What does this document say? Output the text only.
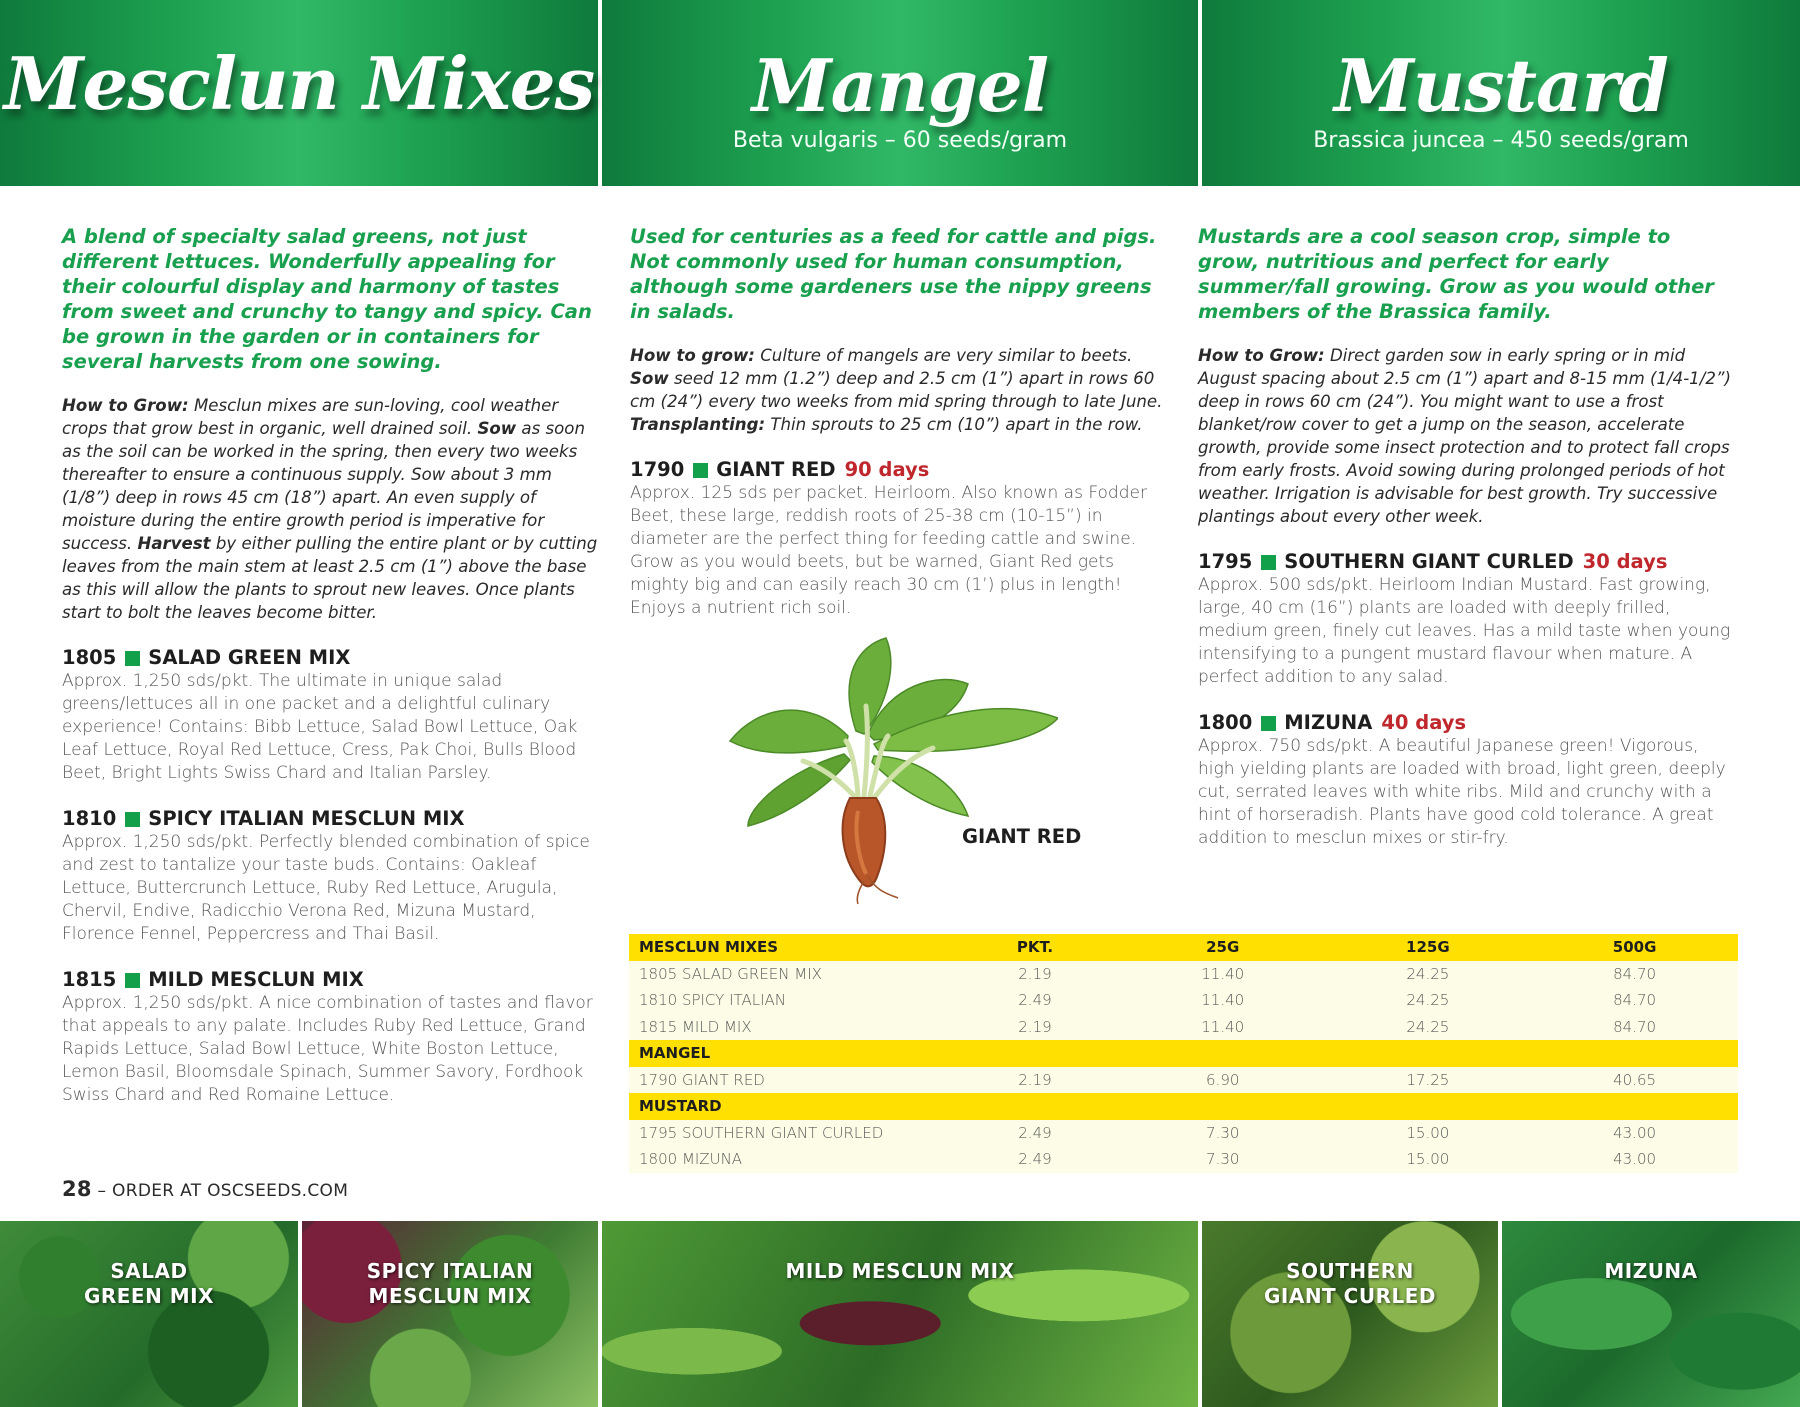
Mesclun Mixes	Mangel
Beta vulgaris – 60 seeds/gram
Mustard
Brassica juncea – 450 seeds/gram

A blend of specialty salad greens, not just different lettuces. Wonderfully appealing for their colourful display and harmony of tastes from sweet and crunchy to tangy and spicy. Can be grown in the garden or in containers for several harvests from one sowing.

How to Grow: Mesclun mixes are sun-loving, cool weather crops that grow best in organic, well drained soil. Sow as soon as the soil can be worked in the spring, then every two weeks thereafter to ensure a continuous supply. Sow about 3 mm (1/8”) deep in rows 45 cm (18”) apart. An even supply of moisture during the entire growth period is imperative for success. Harvest by either pulling the entire plant or by cutting leaves from the main stem at least 2.5 cm (1”) above the base as this will allow the plants to sprout new leaves. Once plants start to bolt the leaves become bitter.

1805 SALAD GREEN MIX

Approx. 1,250 sds/pkt. The ultimate in unique salad greens/lettuces all in one packet and a delightful culinary experience! Contains: Bibb Lettuce, Salad Bowl Lettuce, Oak Leaf Lettuce, Royal Red Lettuce, Cress, Pak Choi, Bulls Blood Beet, Bright Lights Swiss Chard and Italian Parsley.

1810 SPICY ITALIAN MESCLUN MIX

Approx. 1,250 sds/pkt. Perfectly blended combination of spice and zest to tantalize your taste buds. Contains: Oakleaf Lettuce, Buttercrunch Lettuce, Ruby Red Lettuce, Arugula, Chervil, Endive, Radicchio Verona Red, Mizuna Mustard, Florence Fennel, Peppercress and Thai Basil.

1815 MILD MESCLUN MIX

Approx. 1,250 sds/pkt. A nice combination of tastes and flavor that appeals to any palate. Includes Ruby Red Lettuce, Grand Rapids Lettuce, Salad Bowl Lettuce, White Boston Lettuce, Lemon Basil, Bloomsdale Spinach, Summer Savory, Fordhook Swiss Chard and Red Romaine Lettuce.

Used for centuries as a feed for cattle and pigs. Not commonly used for human consumption, although some gardeners use the nippy greens in salads.

How to grow: Culture of mangels are very similar to beets. Sow seed 12 mm (1.2”) deep and 2.5 cm (1”) apart in rows 60 cm (24”) every two weeks from mid spring through to late June. Transplanting: Thin sprouts to 25 cm (10”) apart in the row.

1790 GIANT RED 90 days

Approx. 125 sds per packet. Heirloom. Also known as Fodder Beet, these large, reddish roots of 25-38 cm (10-15”) in diameter are the perfect thing for feeding cattle and swine. Grow as you would beets, but be warned, Giant Red gets mighty big and can easily reach 30 cm (1’) plus in length! Enjoys a nutrient rich soil.

GIANT RED

Mustards are a cool season crop, simple to grow, nutritious and perfect for early summer/fall growing. Grow as you would other members of the Brassica family.

How to Grow: Direct garden sow in early spring or in mid August spacing about 2.5 cm (1”) apart and 8-15 mm (1/4-1/2”) deep in rows 60 cm (24”). You might want to use a frost blanket/row cover to get a jump on the season, accelerate growth, provide some insect protection and to protect fall crops from early frosts. Avoid sowing during prolonged periods of hot weather. Irrigation is advisable for best growth. Try successive plantings about every other week.

1795 SOUTHERN GIANT CURLED 30 days

Approx. 500 sds/pkt. Heirloom Indian Mustard. Fast growing, large, 40 cm (16”) plants are loaded with deeply frilled, medium green, finely cut leaves. Has a mild taste when young intensifying to a pungent mustard flavour when mature. A perfect addition to any salad.

1800 MIZUNA 40 days

Approx. 750 sds/pkt. A beautiful Japanese green! Vigorous, high yielding plants are loaded with broad, light green, deeply cut, serrated leaves with white ribs. Mild and crunchy with a hint of horseradish. Plants have good cold tolerance. A great addition to mesclun mixes or stir-fry.

MESCLUN MIXES	PKT.	25G	125G	500G
1805 SALAD GREEN MIX	2.19	11.40	24.25	84.70
1810 SPICY ITALIAN	2.49	11.40	24.25	84.70
1815 MILD MIX	2.19	11.40	24.25	84.70
MANGEL				
1790 GIANT RED	2.19	6.90	17.25	40.65
MUSTARD				
1795 SOUTHERN GIANT CURLED	2.49	7.30	15.00	43.00
1800 MIZUNA	2.49	7.30	15.00	43.00
28 – ORDER AT OSCSEEDS.COM
SALAD
GREEN MIX
SPICY ITALIAN
MESCLUN MIX
MILD MESCLUN MIX	SOUTHERN
GIANT CURLED
MIZUNA
